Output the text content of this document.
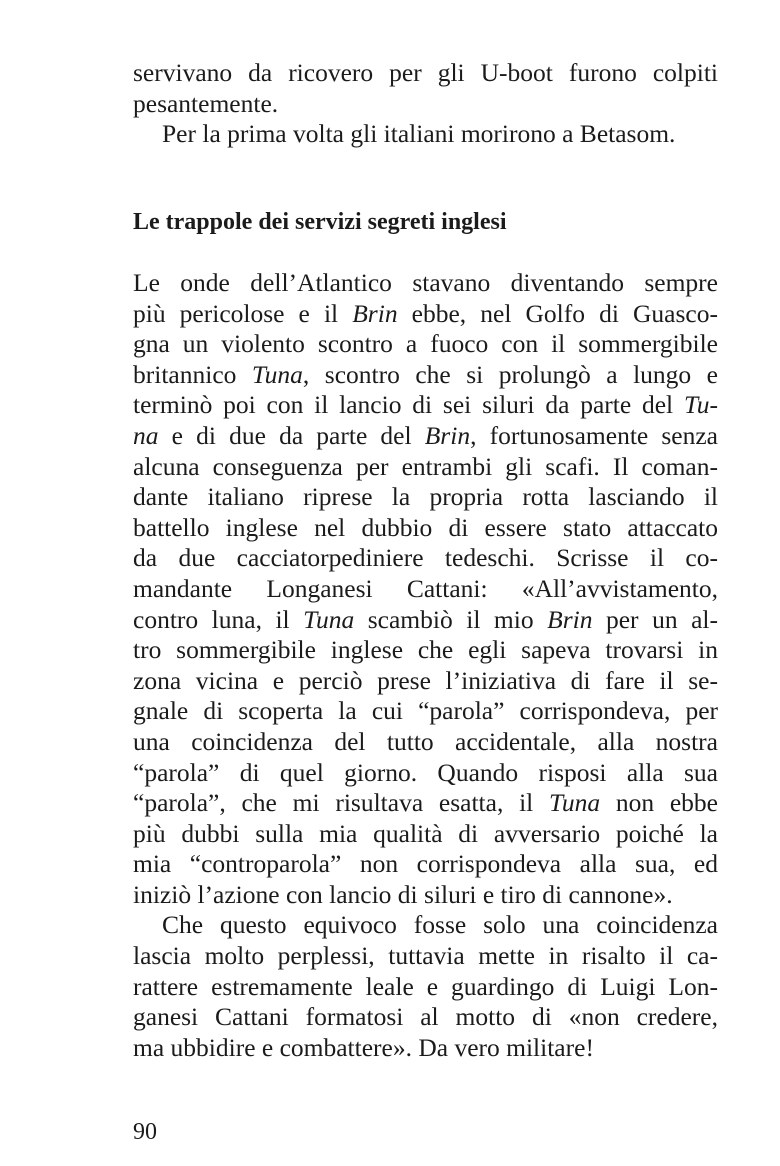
servivano da ricovero per gli U-boot furono colpiti
pesantemente.
Per la prima volta gli italiani morirono a Betasom.
Le trappole dei servizi segreti inglesi
Le onde dell’Atlantico stavano diventando sempre
più pericolose e il Brin ebbe, nel Golfo di Guasco-
gna un violento scontro a fuoco con il sommergibile
britannico Tuna, scontro che si prolungò a lungo e
terminò poi con il lancio di sei siluri da parte del Tu-
na e di due da parte del Brin, fortunosamente senza
alcuna conseguenza per entrambi gli scafi. Il coman-
dante italiano riprese la propria rotta lasciando il
battello inglese nel dubbio di essere stato attaccato
da due cacciatorpediniere tedeschi. Scrisse il co-
mandante Longanesi Cattani: «All’avvistamento,
contro luna, il Tuna scambiò il mio Brin per un al-
tro sommergibile inglese che egli sapeva trovarsi in
zona vicina e perciò prese l’iniziativa di fare il se-
gnale di scoperta la cui “parola” corrispondeva, per
una coincidenza del tutto accidentale, alla nostra
“parola” di quel giorno. Quando risposi alla sua
“parola”, che mi risultava esatta, il Tuna non ebbe
più dubbi sulla mia qualità di avversario poiché la
mia “controparola” non corrispondeva alla sua, ed
iniziò l’azione con lancio di siluri e tiro di cannone».
Che questo equivoco fosse solo una coincidenza
lascia molto perplessi, tuttavia mette in risalto il ca-
rattere estremamente leale e guardingo di Luigi Lon-
ganesi Cattani formatosi al motto di «non credere,
ma ubbidire e combattere». Da vero militare!
90
